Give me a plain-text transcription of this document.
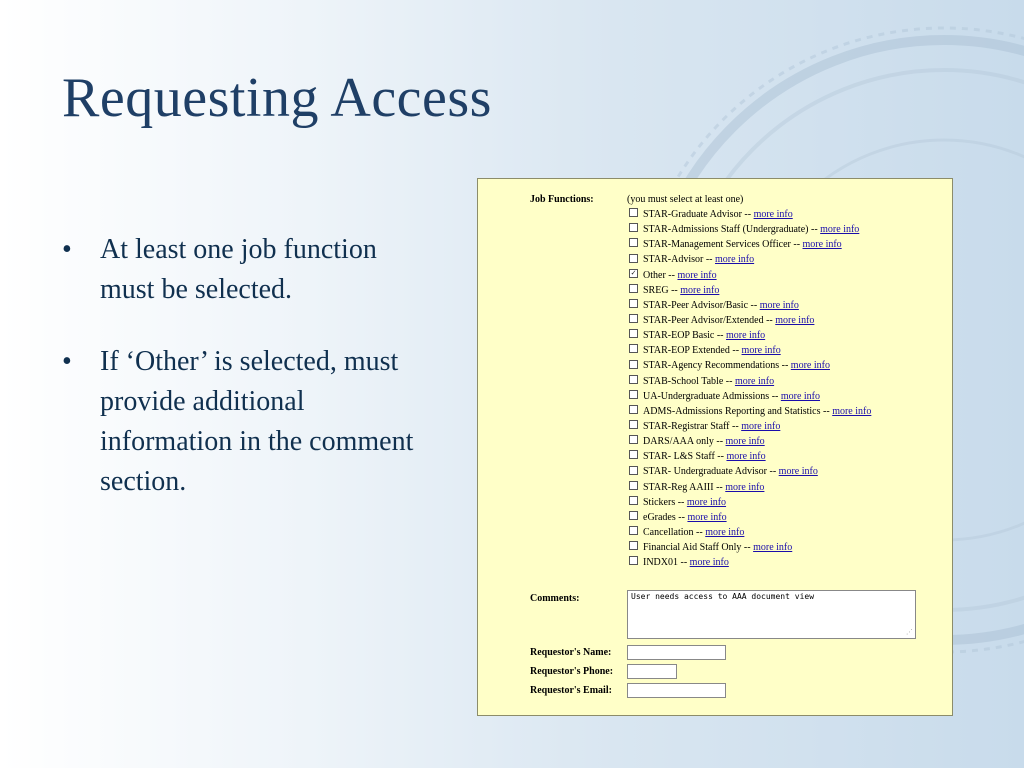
Requesting Access
• At least one job function must be selected.
• If ‘Other’ is selected, must provide additional information in the comment section.
Job Functions:	(you must select at least one)
STAR-Graduate Advisor -- more info
STAR-Admissions Staff (Undergraduate) -- more info
STAR-Management Services Officer -- more info
STAR-Advisor -- more info
✓ Other -- more info
SREG -- more info
STAR-Peer Advisor/Basic -- more info
STAR-Peer Advisor/Extended -- more info
STAR-EOP Basic -- more info
STAR-EOP Extended -- more info
STAR-Agency Recommendations -- more info
STAB-School Table -- more info
UA-Undergraduate Admissions -- more info
ADMS-Admissions Reporting and Statistics -- more info
STAR-Registrar Staff -- more info
DARS/AAA only -- more info
STAR- L&S Staff -- more info
STAR- Undergraduate Advisor -- more info
STAR-Reg AAIII -- more info
Stickers -- more info
eGrades -- more info
Cancellation -- more info
Financial Aid Staff Only -- more info
INDX01 -- more info
Comments:
User needs access to AAA document view
⋰
Requestor's Name:
Requestor's Phone:
Requestor's Email:
